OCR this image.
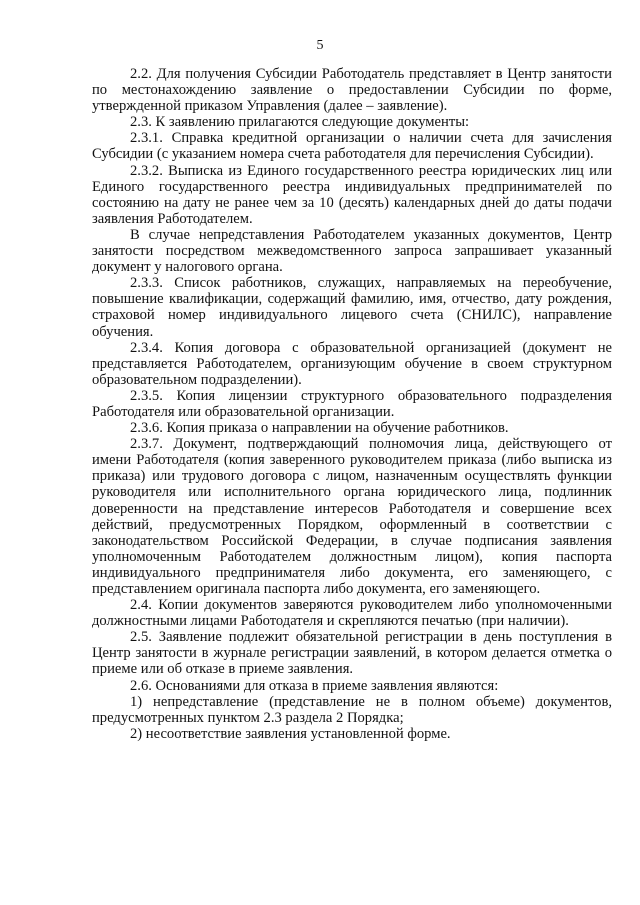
5

2.2. Для получения Субсидии Работодатель представляет в Центр занятости по местонахождению заявление о предоставлении Субсидии по форме, утвержденной приказом Управления (далее – заявление).

2.3. К заявлению прилагаются следующие документы:

2.3.1. Справка кредитной организации о наличии счета для зачисления Субсидии (с указанием номера счета работодателя для перечисления Субсидии).

2.3.2. Выписка из Единого государственного реестра юридических лиц или Единого государственного реестра индивидуальных предпринимателей по состоянию на дату не ранее чем за 10 (десять) календарных дней до даты подачи заявления Работодателем.

В случае непредставления Работодателем указанных документов, Центр занятости посредством межведомственного запроса запрашивает указанный документ у налогового органа.

2.3.3. Список работников, служащих, направляемых на переобучение, повышение квалификации, содержащий фамилию, имя, отчество, дату рождения, страховой номер индивидуального лицевого счета (СНИЛС), направление обучения.

2.3.4. Копия договора с образовательной организацией (документ не представляется Работодателем, организующим обучение в своем структурном образовательном подразделении).

2.3.5. Копия лицензии структурного образовательного подразделения Работодателя или образовательной организации.

2.3.6. Копия приказа о направлении на обучение работников.

2.3.7. Документ, подтверждающий полномочия лица, действующего от имени Работодателя (копия заверенного руководителем приказа (либо выписка из приказа) или трудового договора с лицом, назначенным осуществлять функции руководителя или исполнительного органа юридического лица, подлинник доверенности на представление интересов Работодателя и совершение всех действий, предусмотренных Порядком, оформленный в соответствии с законодательством Российской Федерации, в случае подписания заявления уполномоченным Работодателем должностным лицом), копия паспорта индивидуального предпринимателя либо документа, его заменяющего, с представлением оригинала паспорта либо документа, его заменяющего.

2.4. Копии документов заверяются руководителем либо уполномоченными должностными лицами Работодателя и скрепляются печатью (при наличии).

2.5. Заявление подлежит обязательной регистрации в день поступления в Центр занятости в журнале регистрации заявлений, в котором делается отметка о приеме или об отказе в приеме заявления.

2.6. Основаниями для отказа в приеме заявления являются:

1) непредставление (представление не в полном объеме) документов, предусмотренных пунктом 2.3 раздела 2 Порядка;

2) несоответствие заявления установленной форме.
